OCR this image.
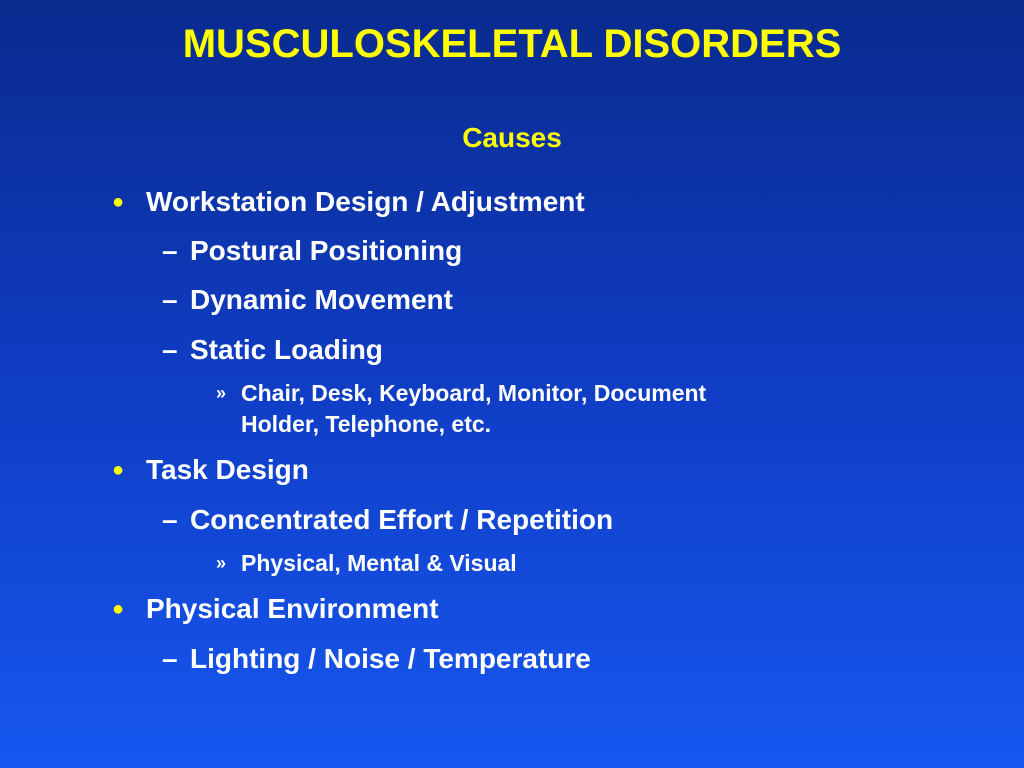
MUSCULOSKELETAL DISORDERS
Causes
● Workstation Design / Adjustment
– Postural Positioning
– Dynamic Movement
– Static Loading
» Chair, Desk, Keyboard, Monitor, Document
Holder, Telephone, etc.
● Task Design
– Concentrated Effort / Repetition
» Physical, Mental & Visual
● Physical Environment
– Lighting / Noise / Temperature
